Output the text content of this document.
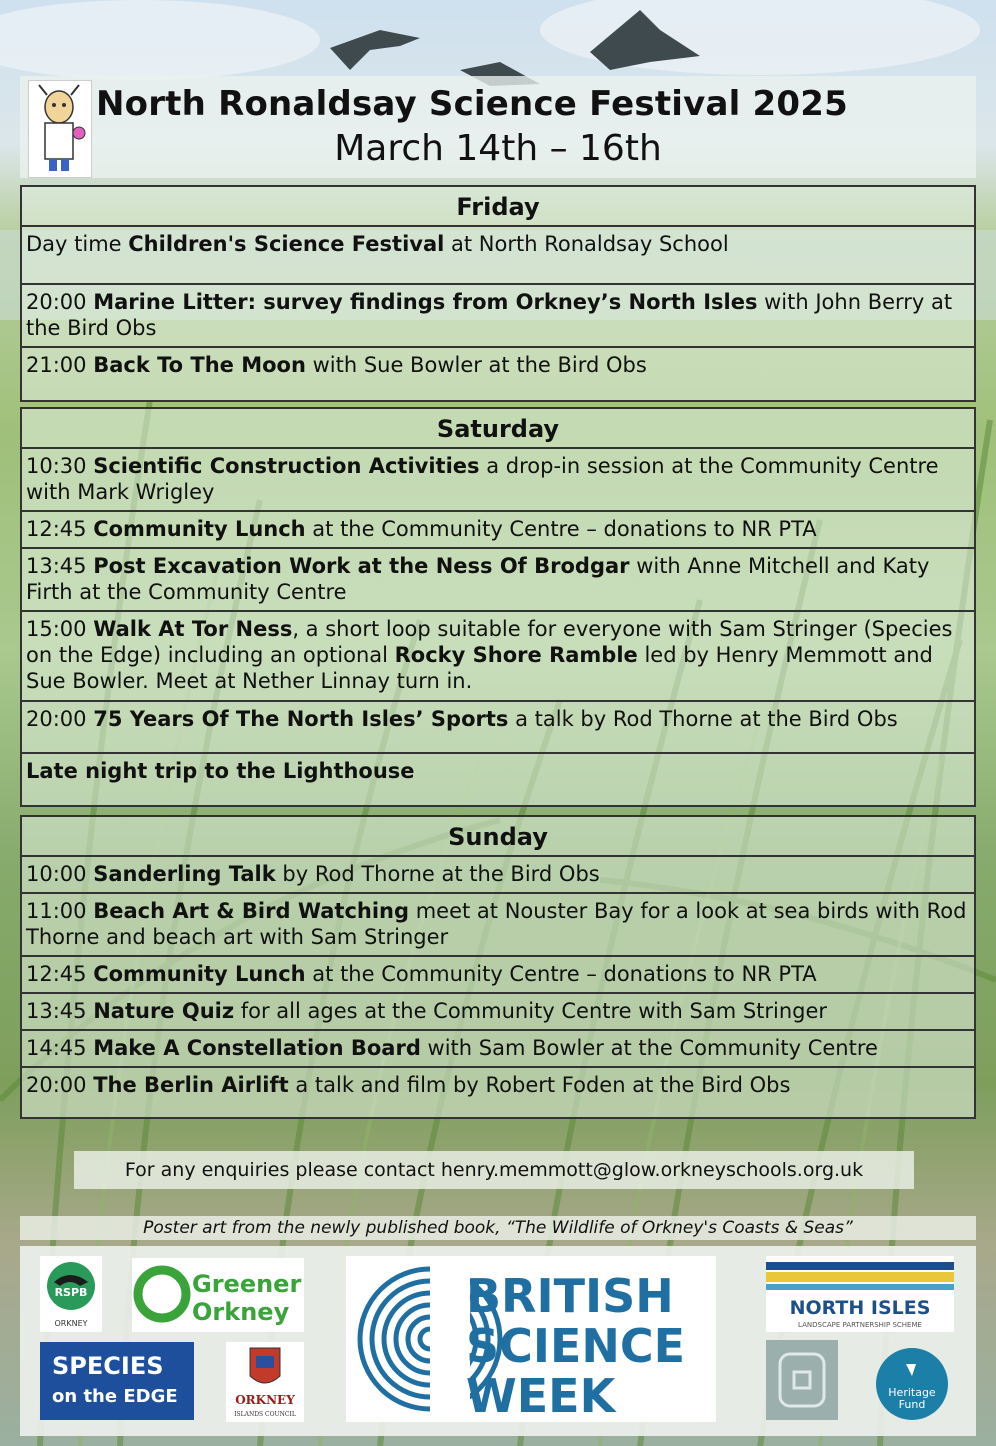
North Ronaldsay Science Festival 2025
March 14th – 16th
Friday
Day time Children's Science Festival at North Ronaldsay School
20:00 Marine Litter: survey findings from Orkney’s North Isles with John Berry at the Bird Obs
21:00 Back To The Moon with Sue Bowler at the Bird Obs
Saturday
10:30 Scientific Construction Activities a drop-in session at the Community Centre with Mark Wrigley
12:45 Community Lunch at the Community Centre – donations to NR PTA
13:45 Post Excavation Work at the Ness Of Brodgar with Anne Mitchell and Katy Firth at the Community Centre
15:00 Walk At Tor Ness, a short loop suitable for everyone with Sam Stringer (Species on the Edge) including an optional Rocky Shore Ramble led by Henry Memmott and Sue Bowler. Meet at Nether Linnay turn in.
20:00 75 Years Of The North Isles’ Sports a talk by Rod Thorne at the Bird Obs
Late night trip to the Lighthouse
Sunday
10:00 Sanderling Talk by Rod Thorne at the Bird Obs
11:00 Beach Art & Bird Watching meet at Nouster Bay for a look at sea birds with Rod Thorne and beach art with Sam Stringer
12:45 Community Lunch at the Community Centre – donations to NR PTA
13:45 Nature Quiz for all ages at the Community Centre with Sam Stringer
14:45 Make A Constellation Board with Sam Bowler at the Community Centre
20:00 The Berlin Airlift a talk and film by Robert Foden at the Bird Obs
For any enquiries please contact henry.memmott@glow.orkneyschools.org.uk
Poster art from the newly published book, “The Wildlife of Orkney's Coasts & Seas”
RSPB
ORKNEY
Greener
Orkney
SPECIES
on the EDGE	ORKNEY
ISLANDS COUNCIL
BRITISH
SCIENCE
WEEK
NORTH ISLES
LANDSCAPE PARTNERSHIP SCHEME
Heritage
Fund
